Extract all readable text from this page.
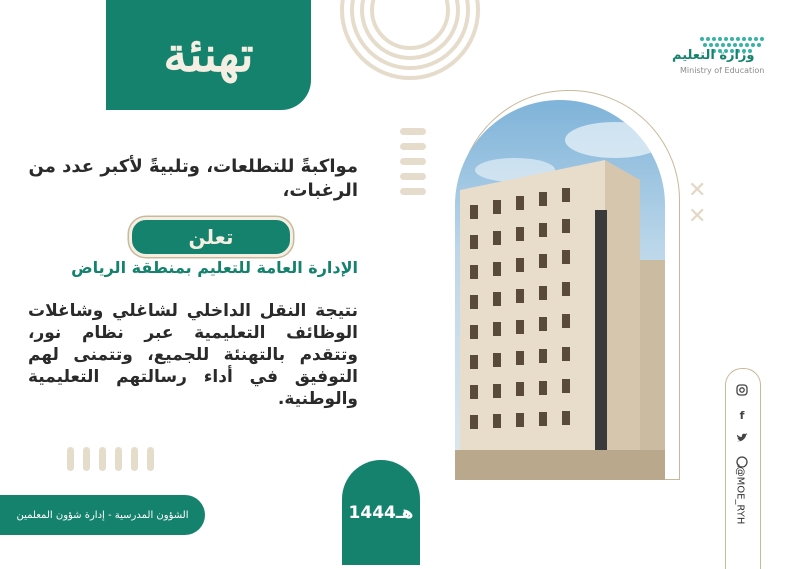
تهنئة	وزارة التعليم
Ministry of Education
✕
✕
f
@MOE_RYH
مواكبةً للتطلعات، وتلبيةً لأكبر عدد من الرغبات،
تعلن
الإدارة العامة للتعليم بمنطقة الرياض
نتيجة النقل الداخلي لشاغلي وشاغلات الوظائف التعليمية عبر نظام نور، وتتقدم بالتهنئة للجميع، وتتمنى لهم التوفيق في أداء رسالتهم التعليمية والوطنية.
الشؤون المدرسية - إدارة شؤون المعلمين	1444هـ
